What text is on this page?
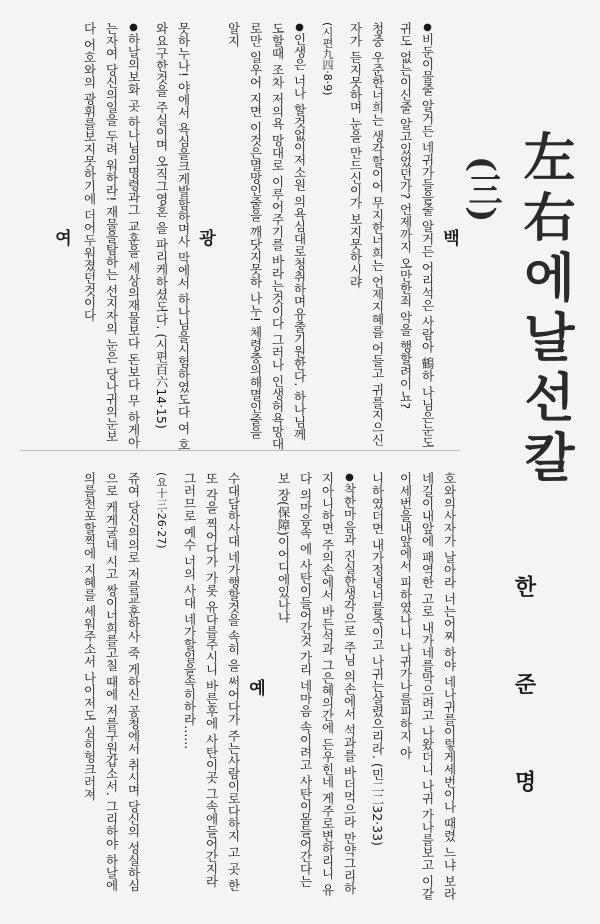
左右에날선칼
(三)
한 준 명
백

● 비둔이물줄 알거든 네귀가들을줄 알거든 어리석은 사람아 鶴하 나님은눈도 귀도 없는이신줄 알고있었던가? 언제까지 오만한죄 악을 행할려이뇨?

청중 우준한너희는 생각할이어 무지한너희는 언제지혜를 어들고 귀를지으신자가 듣지못하며 눈을 만드신이가 보지못하시랴

(시편九四·8·9)

● 인생은 너나 할것없이저소원 의욕심대로청취하며유출기원한다. 하나님께도할때 조차 저의욕 망대로 이루어주기를 바라는것이다 그러나 인생허욕망대로만 일우어 지면 이것은멸망인줄을 깨닷지못하 나누! 체령충의해멸인줄을 알지

광

못하누나! 야에서 욕심을크게발함하며사 막에서 하나님을시험하였도다 여 호와요구한것을 주실이며 오직그영혼 을 파리케하셨도다. (시편百六14·15)

● 하날의보화 곳 하나님의명령과그 교훈을 세상의재물보다 돈보다 무 하게아는자여 당신의일을 두려 워하라! 재물을탐하는 선지자의 눈은 당나귀의눈보다 어호와의 광휘를보지못하기에 더어두워졌던것이다

여

호와의사자가 날아라 너는어찌 하야 네나귀를이렇게세번이나 때렸 느냐 보라 네길이내앞에 패역한 고로 내가네를막으려고 나왔더니 나귀 가나를보고 이같이세번을내앞에서 피하였나니 나귀가나를피하지 아

니하였더면 내가정녕너를죽이고 나귀는살렸으리라. (민二二32·33)

● 착한마음과 진실한생각으로 주님 의손에서 석과를 바더먹으라 만약그리하지아니하면 주의손에서 바든석과 그은혜의간에 든우힌네 게주로변하리니 유다 의마음속 에 사탄이들어간것 가리 네마음 속이려고 사탄이몸들어간다는 보 장(保障)이어디에있나냐

예

수대담하사대 네가행할것을 속히 을 써어다가 주는사람이로다하지 고 곳 한또 각을 찍어다가 가롯 유다를주시니 바른후에 사탄이곳 그속에들어간지라 그러므로 예수 너의 사대 네가할일을속히하라......

(요十三·26·27)

쥬여 당신의의로 저를교훈하사 죽 게하신 공청에서 취시며 당신의 성실하심으로 케게굴네 시고 쌍이너희를고칠 때에 저를구원갑소서. 그리하야 하날에 의를천포할찍에 지혜를 세워주소서 나이저도 심히헝크러져
